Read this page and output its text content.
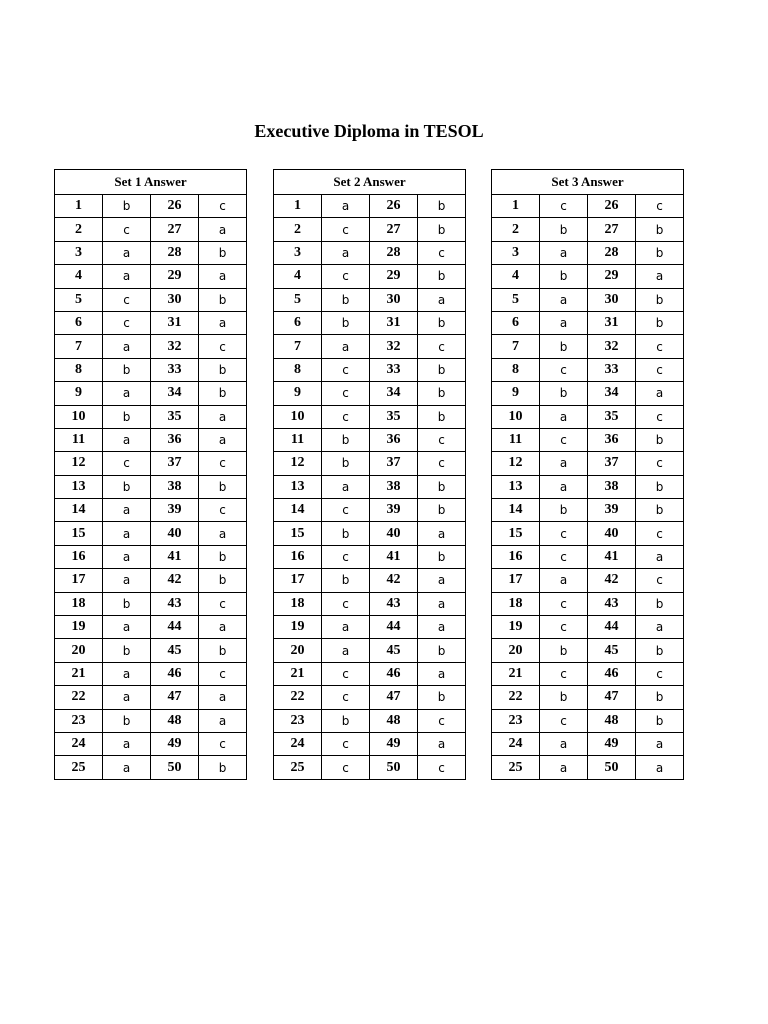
Executive Diploma in TESOL
Set 1 Answer			
1	b	26	c
2	c	27	a
3	a	28	b
4	a	29	a
5	c	30	b
6	c	31	a
7	a	32	c
8	b	33	b
9	a	34	b
10	b	35	a
11	a	36	a
12	c	37	c
13	b	38	b
14	a	39	c
15	a	40	a
16	a	41	b
17	a	42	b
18	b	43	c
19	a	44	a
20	b	45	b
21	a	46	c
22	a	47	a
23	b	48	a
24	a	49	c
25	a	50	b
Set 2 Answer			
1	a	26	b
2	c	27	b
3	a	28	c
4	c	29	b
5	b	30	a
6	b	31	b
7	a	32	c
8	c	33	b
9	c	34	b
10	c	35	b
11	b	36	c
12	b	37	c
13	a	38	b
14	c	39	b
15	b	40	a
16	c	41	b
17	b	42	a
18	c	43	a
19	a	44	a
20	a	45	b
21	c	46	a
22	c	47	b
23	b	48	c
24	c	49	a
25	c	50	c
Set 3 Answer			
1	c	26	c
2	b	27	b
3	a	28	b
4	b	29	a
5	a	30	b
6	a	31	b
7	b	32	c
8	c	33	c
9	b	34	a
10	a	35	c
11	c	36	b
12	a	37	c
13	a	38	b
14	b	39	b
15	c	40	c
16	c	41	a
17	a	42	c
18	c	43	b
19	c	44	a
20	b	45	b
21	c	46	c
22	b	47	b
23	c	48	b
24	a	49	a
25	a	50	a
